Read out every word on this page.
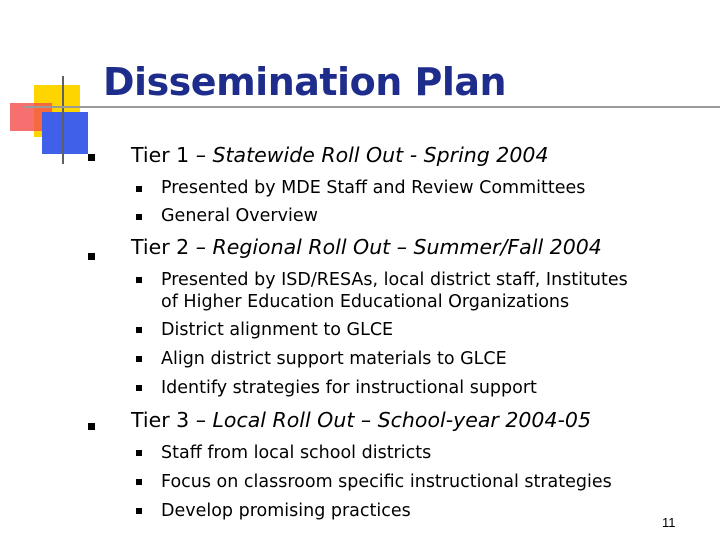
Dissemination Plan
Tier 1 – Statewide Roll Out - Spring 2004
Presented by MDE Staff and Review Committees
General Overview
Tier 2 – Regional Roll Out – Summer/Fall 2004
Presented by ISD/RESAs, local district staff, Institutes
of Higher Education Educational Organizations
District alignment to GLCE
Align district support materials to GLCE
Identify strategies for instructional support
Tier 3 – Local Roll Out – School-year 2004-05
Staff from local school districts
Focus on classroom specific instructional strategies
Develop promising practices
11
